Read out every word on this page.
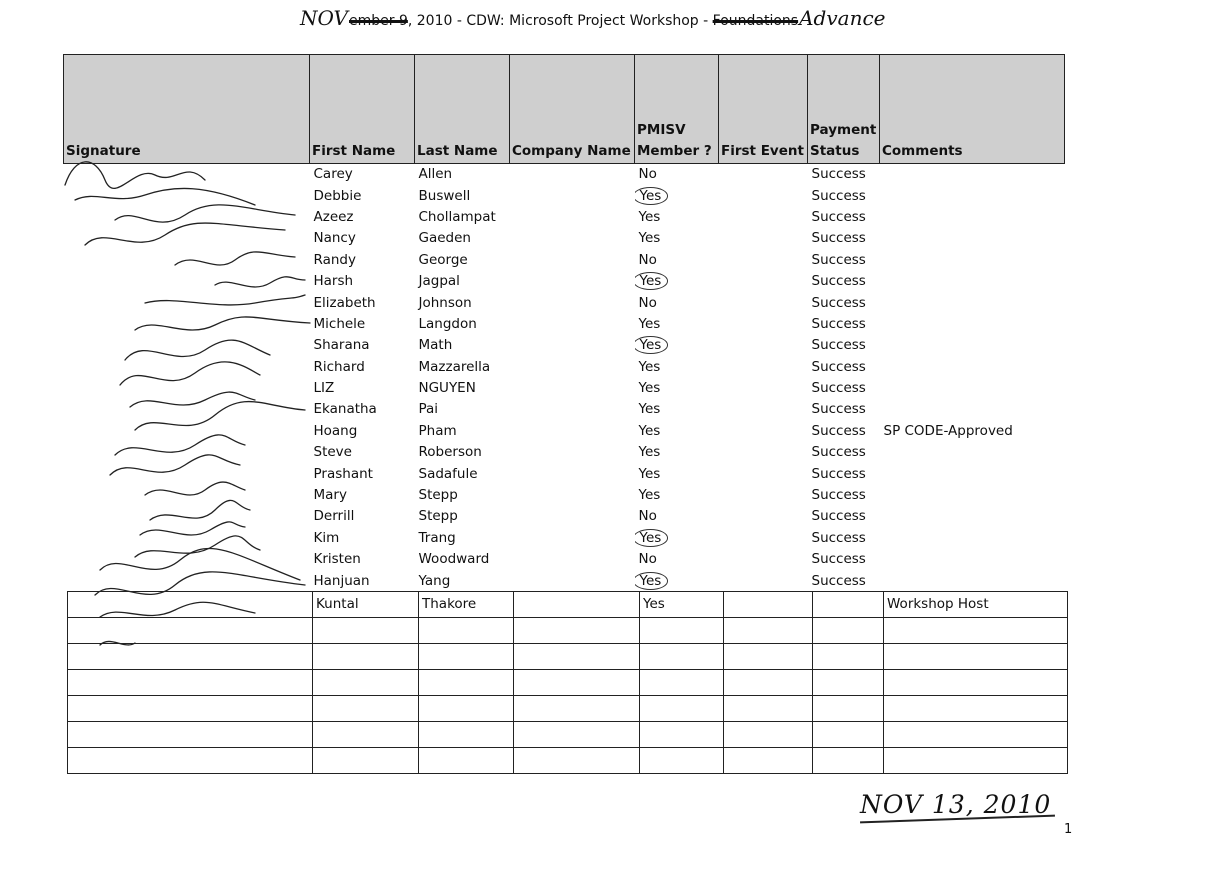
NOVember 9, 2010 - CDW: Microsoft Project Workshop - FoundationsAdvance
Signature	First Name	Last Name	Company Name	PMISV Member ?	First Event	Payment Status	Comments
	Carey	Allen		No		Success	
	Debbie	Buswell		Yes		Success	
	Azeez	Chollampat		Yes		Success	
	Nancy	Gaeden		Yes		Success	
	Randy	George		No		Success	
	Harsh	Jagpal		Yes		Success	
	Elizabeth	Johnson		No		Success	
	Michele	Langdon		Yes		Success	
	Sharana	Math		Yes		Success	
	Richard	Mazzarella		Yes		Success	
	LIZ	NGUYEN		Yes		Success	
	Ekanatha	Pai		Yes		Success	
	Hoang	Pham		Yes		Success	SP CODE-Approved
	Steve	Roberson		Yes		Success	
	Prashant	Sadafule		Yes		Success	
	Mary	Stepp		Yes		Success	
	Derrill	Stepp		No		Success	
	Kim	Trang		Yes		Success	
	Kristen	Woodward		No		Success	
	Hanjuan	Yang		Yes		Success	
	Kuntal	Thakore		Yes			Workshop Host

NOV 13, 2010
1
